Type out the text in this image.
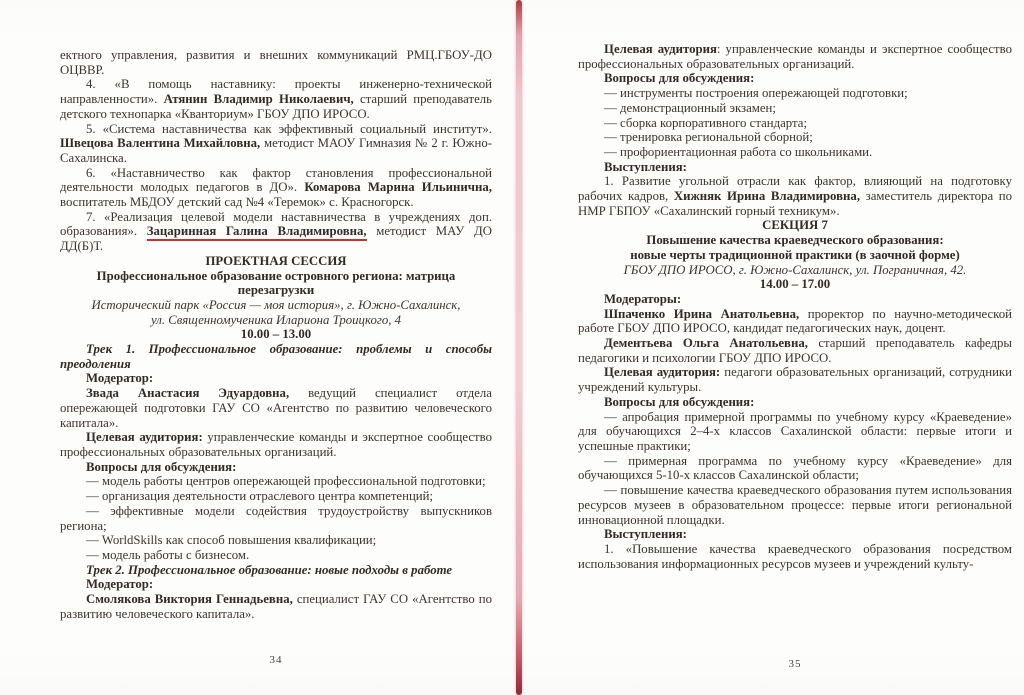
ектного управления, развития и внешних коммуникаций РМЦ.ГБОУ-ДО ОЦВВР.

4. «В помощь наставнику: проекты инженерно-технической направленности». Атянин Владимир Николаевич, старший преподаватель детского технопарка «Кванториум» ГБОУ ДПО ИРОСО.

5. «Система наставничества как эффективный социальный институт». Швецова Валентина Михайловна, методист МАОУ Гимназия № 2 г. Южно-Сахалинска.

6. «Наставничество как фактор становления профессиональной деятельности молодых педагогов в ДО». Комарова Марина Ильинична, воспитатель МБДОУ детский сад №4 «Теремок» с. Красногорск.

7. «Реализация целевой модели наставничества в учреждениях доп. образования». Зацаринная Галина Владимировна, методист МАУ ДО ДД(Б)Т.

ПРОЕКТНАЯ СЕССИЯ

Профессиональное образование островного региона: матрица перезагрузки

Исторический парк «Россия — моя история», г. Южно-Сахалинск,

ул. Священномученика Илариона Троицкого, 4

10.00 – 13.00

Трек 1. Профессиональное образование: проблемы и способы преодоления

Модератор:

Звада Анастасия Эдуардовна, ведущий специалист отдела опережающей подготовки ГАУ СО «Агентство по развитию человеческого капитала».

Целевая аудитория: управленческие команды и экспертное сообщество профессиональных образовательных организаций.

Вопросы для обсуждения:

— модель работы центров опережающей профессиональной подготовки;

— организация деятельности отраслевого центра компетенций;

— эффективные модели содействия трудоустройству выпускников региона;

— WorldSkills как способ повышения квалификации;

— модель работы с бизнесом.

Трек 2. Профессиональное образование: новые подходы в работе

Модератор:

Смолякова Виктория Геннадьевна, специалист ГАУ СО «Агентство по развитию человеческого капитала».

34

Целевая аудитория: управленческие команды и экспертное сообщество профессиональных образовательных организаций.

Вопросы для обсуждения:

— инструменты построения опережающей подготовки;

— демонстрационный экзамен;

— сборка корпоративного стандарта;

— тренировка региональной сборной;

— профориентационная работа со школьниками.

Выступления:

1. Развитие угольной отрасли как фактор, влияющий на подготовку рабочих кадров, Хижняк Ирина Владимировна, заместитель директора по НМР ГБПОУ «Сахалинский горный техникум».

СЕКЦИЯ 7

Повышение качества краеведческого образования:

новые черты традиционной практики (в заочной форме)

ГБОУ ДПО ИРОСО, г. Южно-Сахалинск, ул. Пограничная, 42.

14.00 – 17.00

Модераторы:

Шпаченко Ирина Анатольевна, проректор по научно-методической работе ГБОУ ДПО ИРОСО, кандидат педагогических наук, доцент.

Дементьева Ольга Анатольевна, старший преподаватель кафедры педагогики и психологии ГБОУ ДПО ИРОСО.

Целевая аудитория: педагоги образовательных организаций, сотрудники учреждений культуры.

Вопросы для обсуждения:

— апробация примерной программы по учебному курсу «Краеведение» для обучающихся 2–4-х классов Сахалинской области: первые итоги и успешные практики;

— примерная программа по учебному курсу «Краеведение» для обучающихся 5-10-х классов Сахалинской области;

— повышение качества краеведческого образования путем использования ресурсов музеев в образовательном процессе: первые итоги региональной инновационной площадки.

Выступления:

1. «Повышение качества краеведческого образования посредством использования информационных ресурсов музеев и учреждений культу-

35
